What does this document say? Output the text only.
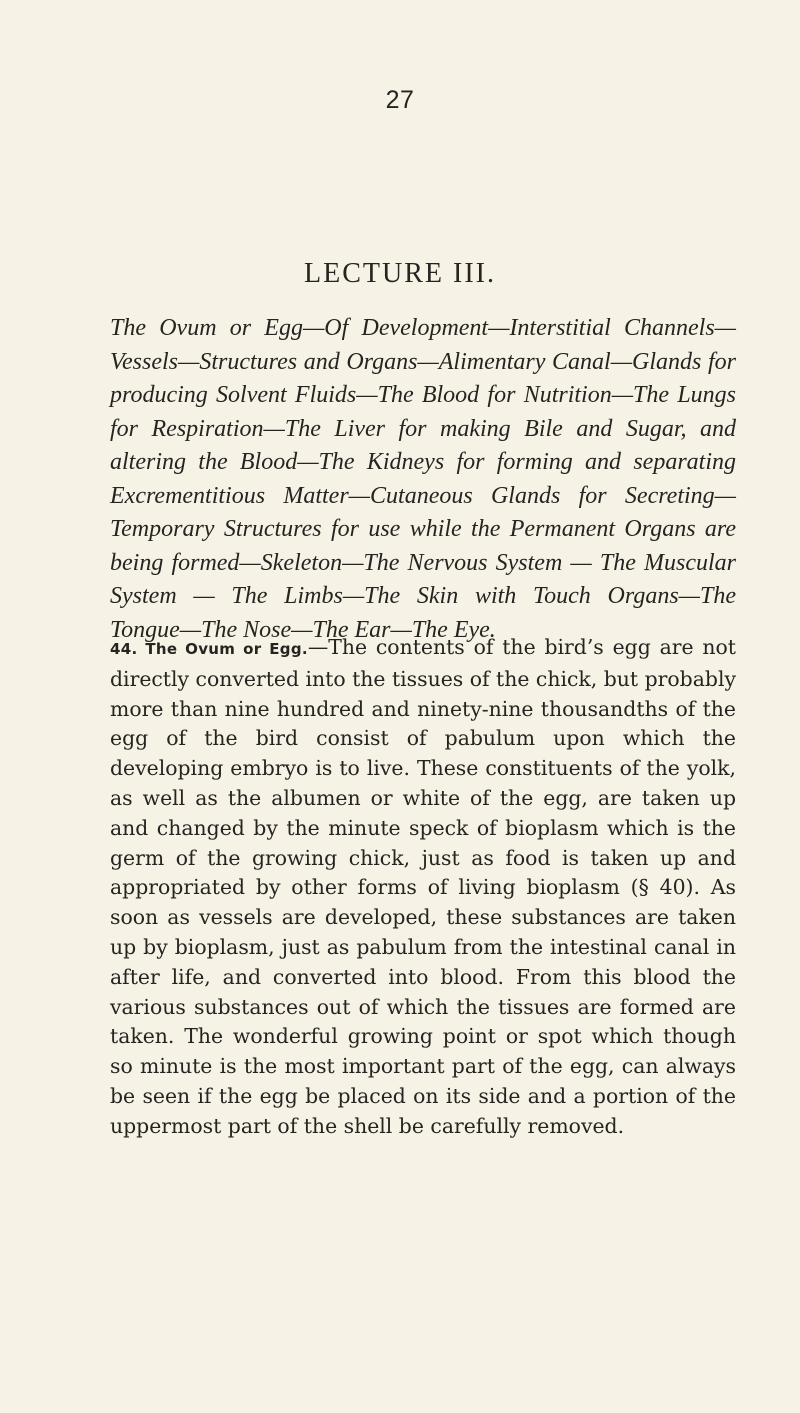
27
LECTURE III.

The Ovum or Egg—Of Development—Interstitial Channels—Vessels—Structures and Organs—Alimentary Canal—Glands for producing Solvent Fluids—The Blood for Nutrition—The Lungs for Respiration—The Liver for making Bile and Sugar, and altering the Blood—The Kidneys for forming and separating Excrementitious Matter—Cutaneous Glands for Secreting—Temporary Structures for use while the Permanent Organs are being formed—Skeleton—The Nervous System — The Muscular System — The Limbs—The Skin with Touch Organs—The Tongue—The Nose—The Ear—The Eye.

44. The Ovum or Egg.—The contents of the bird’s egg are not directly converted into the tissues of the chick, but probably more than nine hundred and ninety-nine thousandths of the egg of the bird consist of pabulum upon which the developing embryo is to live. These constituents of the yolk, as well as the albumen or white of the egg, are taken up and changed by the minute speck of bioplasm which is the germ of the growing chick, just as food is taken up and appropriated by other forms of living bioplasm (§ 40). As soon as vessels are developed, these substances are taken up by bioplasm, just as pabulum from the intestinal canal in after life, and converted into blood. From this blood the various substances out of which the tissues are formed are taken. The wonderful growing point or spot which though so minute is the most important part of the egg, can always be seen if the egg be placed on its side and a portion of the uppermost part of the shell be carefully removed.
